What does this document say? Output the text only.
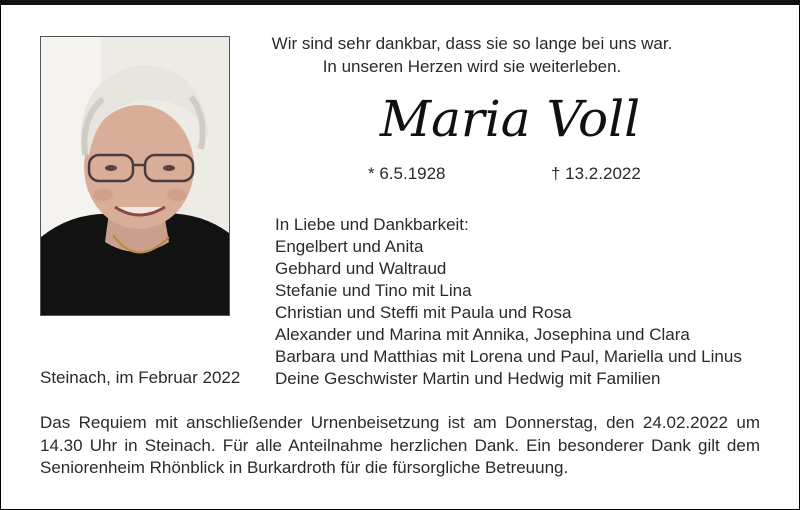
Wir sind sehr dankbar, dass sie so lange bei uns war.
In unseren Herzen wird sie weiterleben.
Maria Voll
* 6.5.1928	† 13.2.2022
In Liebe und Dankbarkeit:
Engelbert und Anita
Gebhard und Waltraud
Stefanie und Tino mit Lina
Christian und Steffi mit Paula und Rosa
Alexander und Marina mit Annika, Josephina und Clara
Barbara und Matthias mit Lorena und Paul, Mariella und Linus
Deine Geschwister Martin und Hedwig mit Familien
Steinach, im Februar 2022
Das Requiem mit anschließender Urnenbeisetzung ist am Donnerstag, den 24.02.2022 um 14.30 Uhr in Steinach. Für alle Anteilnahme herzlichen Dank. Ein besonderer Dank gilt dem Seniorenheim Rhönblick in Burkardroth für die fürsorgliche Betreuung.
